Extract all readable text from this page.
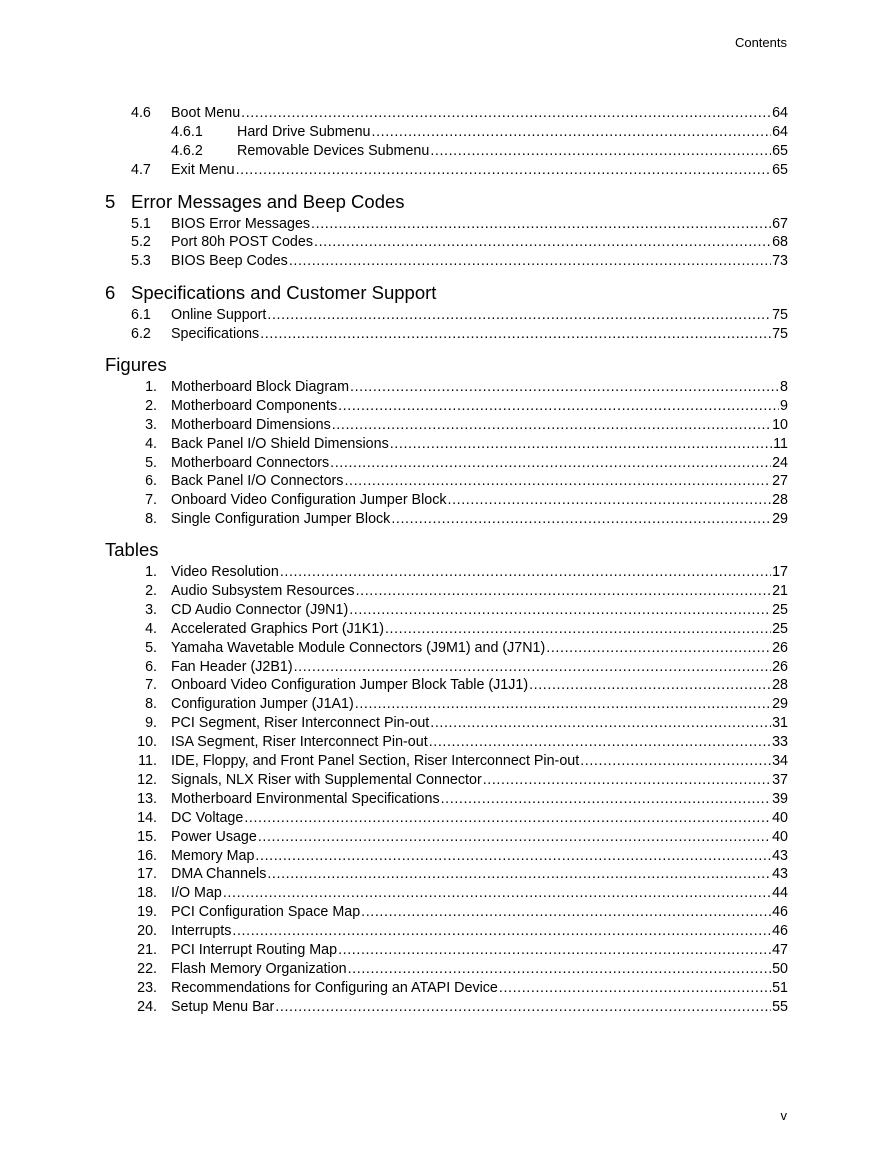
Contents
4.6	Boot Menu .....	64
4.6.1	Hard Drive Submenu .....	64
4.6.2	Removable Devices Submenu .....	65
4.7	Exit Menu .....	65
5 Error Messages and Beep Codes
5.1	BIOS Error Messages .....	67
5.2	Port 80h POST Codes .....	68
5.3	BIOS Beep Codes .....	73
6 Specifications and Customer Support
6.1	Online Support .....	75
6.2	Specifications .....	75
Figures
1. Motherboard Block Diagram .....	8
2. Motherboard Components .....	9
3. Motherboard Dimensions .....	10
4. Back Panel I/O Shield Dimensions .....	11
5. Motherboard Connectors .....	24
6. Back Panel I/O Connectors .....	27
7. Onboard Video Configuration Jumper Block .....	28
8. Single Configuration Jumper Block .....	29
Tables
1. Video Resolution .....	17
2. Audio Subsystem Resources .....	21
3. CD Audio Connector (J9N1) .....	25
4. Accelerated Graphics Port (J1K1) .....	25
5. Yamaha Wavetable Module Connectors (J9M1) and (J7N1) .....	26
6. Fan Header (J2B1) .....	26
7. Onboard Video Configuration Jumper Block Table (J1J1) .....	28
8. Configuration Jumper (J1A1) .....	29
9. PCI Segment, Riser Interconnect Pin-out .....	31
10. ISA Segment, Riser Interconnect Pin-out .....	33
11. IDE, Floppy, and Front Panel Section, Riser Interconnect Pin-out .....	34
12. Signals, NLX Riser with Supplemental Connector .....	37
13. Motherboard Environmental Specifications .....	39
14. DC Voltage .....	40
15. Power Usage .....	40
16. Memory Map .....	43
17. DMA Channels .....	43
18. I/O Map .....	44
19. PCI Configuration Space Map .....	46
20. Interrupts .....	46
21. PCI Interrupt Routing Map .....	47
22. Flash Memory Organization .....	50
23. Recommendations for Configuring an ATAPI Device .....	51
24. Setup Menu Bar .....	55
v
